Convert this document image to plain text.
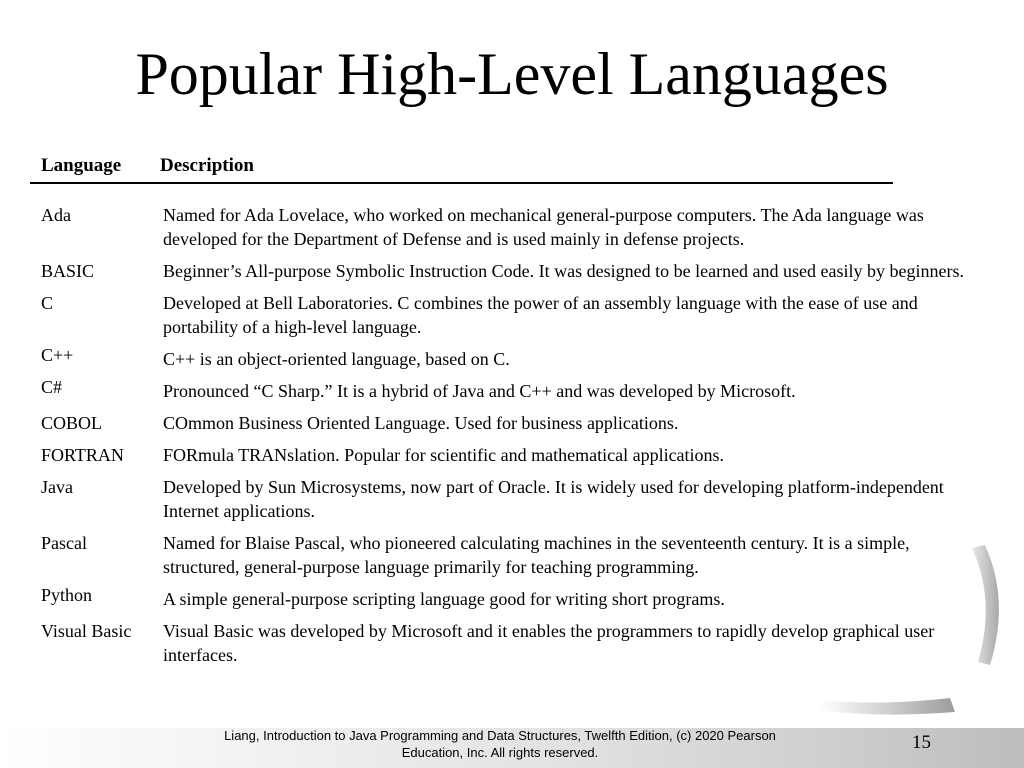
Popular High-Level Languages
Language Description
Ada	Named for Ada Lovelace, who worked on mechanical general-purpose computers. The Ada language was developed for the Department of Defense and is used mainly in defense projects.
BASIC	Beginner’s All-purpose Symbolic Instruction Code. It was designed to be learned and used easily by beginners.
C	Developed at Bell Laboratories. C combines the power of an assembly language with the ease of use and portability of a high-level language.
C++	C++ is an object-oriented language, based on C.
C#	Pronounced “C Sharp.” It is a hybrid of Java and C++ and was developed by Microsoft.
COBOL	COmmon Business Oriented Language. Used for business applications.
FORTRAN	FORmula TRANslation. Popular for scientific and mathematical applications.
Java	Developed by Sun Microsystems, now part of Oracle. It is widely used for developing platform-independent Internet applications.
Pascal	Named for Blaise Pascal, who pioneered calculating machines in the seventeenth century. It is a simple, structured, general-purpose language primarily for teaching programming.
Python	A simple general-purpose scripting language good for writing short programs.
Visual Basic	Visual Basic was developed by Microsoft and it enables the programmers to rapidly develop graphical user interfaces.
Liang, Introduction to Java Programming and Data Structures, Twelfth Edition, (c) 2020 Pearson
Education, Inc. All rights reserved.	15
